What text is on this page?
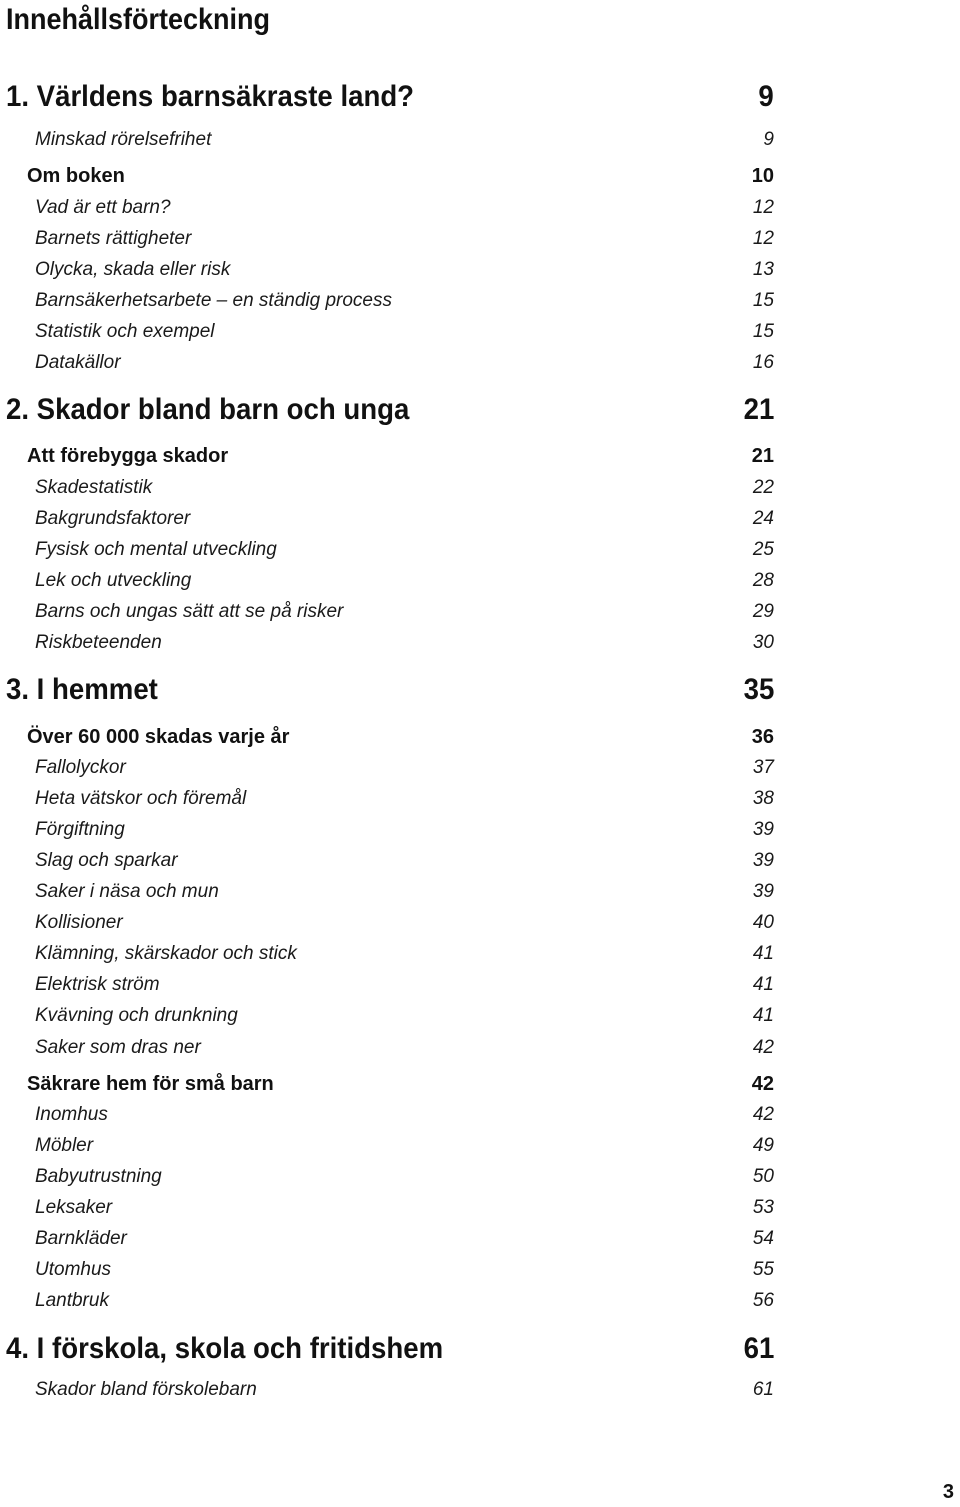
Innehållsförteckning
1. Världens barnsäkraste land?	9
Minskad rörelsefrihet	9
Om boken	10
Vad är ett barn?	12
Barnets rättigheter	12
Olycka, skada eller risk	13
Barnsäkerhetsarbete – en ständig process	15
Statistik och exempel	15
Datakällor	16
2. Skador bland barn och unga	21
Att förebygga skador	21
Skadestatistik	22
Bakgrundsfaktorer	24
Fysisk och mental utveckling	25
Lek och utveckling	28
Barns och ungas sätt att se på risker	29
Riskbeteenden	30
3. I hemmet	35
Över 60 000 skadas varje år	36
Fallolyckor	37
Heta vätskor och föremål	38
Förgiftning	39
Slag och sparkar	39
Saker i näsa och mun	39
Kollisioner	40
Klämning, skärskador och stick	41
Elektrisk ström	41
Kvävning och drunkning	41
Saker som dras ner	42
Säkrare hem för små barn	42
Inomhus	42
Möbler	49
Babyutrustning	50
Leksaker	53
Barnkläder	54
Utomhus	55
Lantbruk	56
4. I förskola, skola och fritidshem	61
Skador bland förskolebarn	61
3
